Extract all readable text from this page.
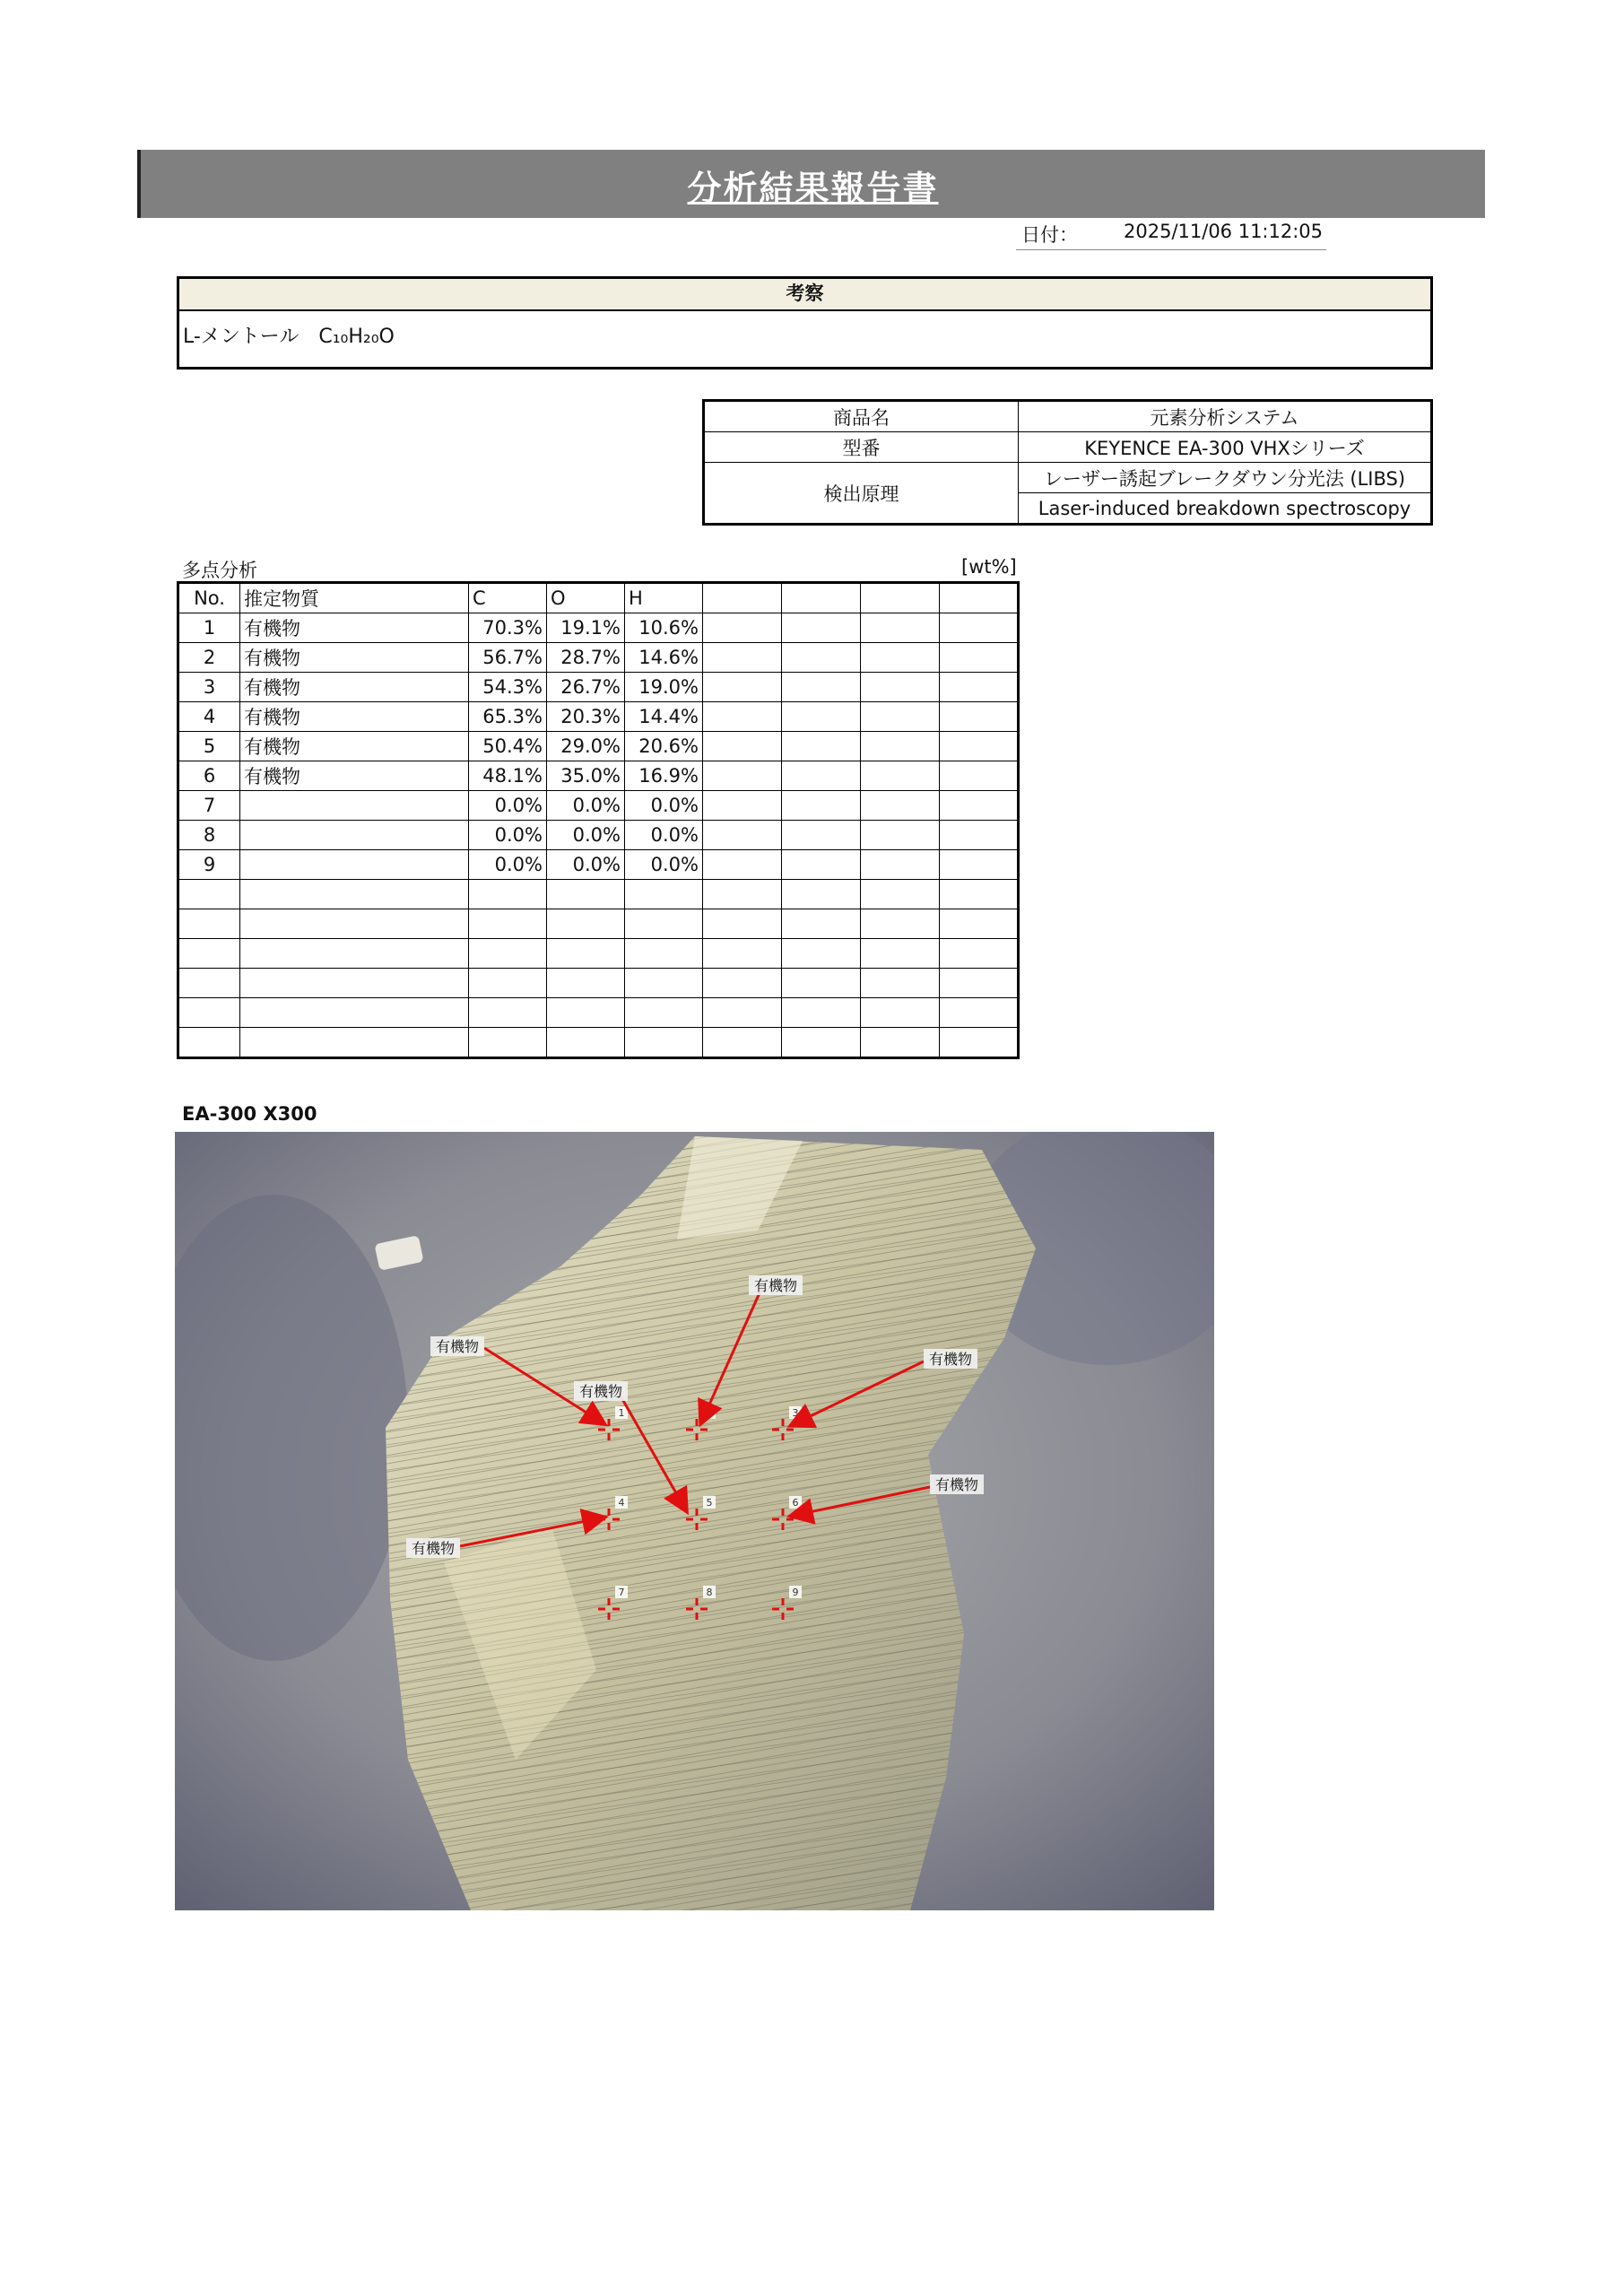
分析結果報告書
日付： 2025/11/06 11:12:05
考察
L-メントール　C₁₀H₂₀O
商品名	元素分析システム
型番	KEYENCE EA-300 VHXシリーズ
検出原理	レーザー誘起ブレークダウン分光法 (LIBS)
	Laser-induced breakdown spectroscopy
多点分析	[wt%]
No.	推定物質	C	O	H				
1	有機物	70.3%	19.1%	10.6%				
2	有機物	56.7%	28.7%	14.6%				
3	有機物	54.3%	26.7%	19.0%				
4	有機物	65.3%	20.3%	14.4%				
5	有機物	50.4%	29.0%	20.6%				
6	有機物	48.1%	35.0%	16.9%				
7		0.0%	0.0%	0.0%				
8		0.0%	0.0%	0.0%				
9		0.0%	0.0%	0.0%				

EA-300 X300
1	2	3
4	5	6
7	8	9
有機物
有機物
有機物
有機物
有機物
有機物
